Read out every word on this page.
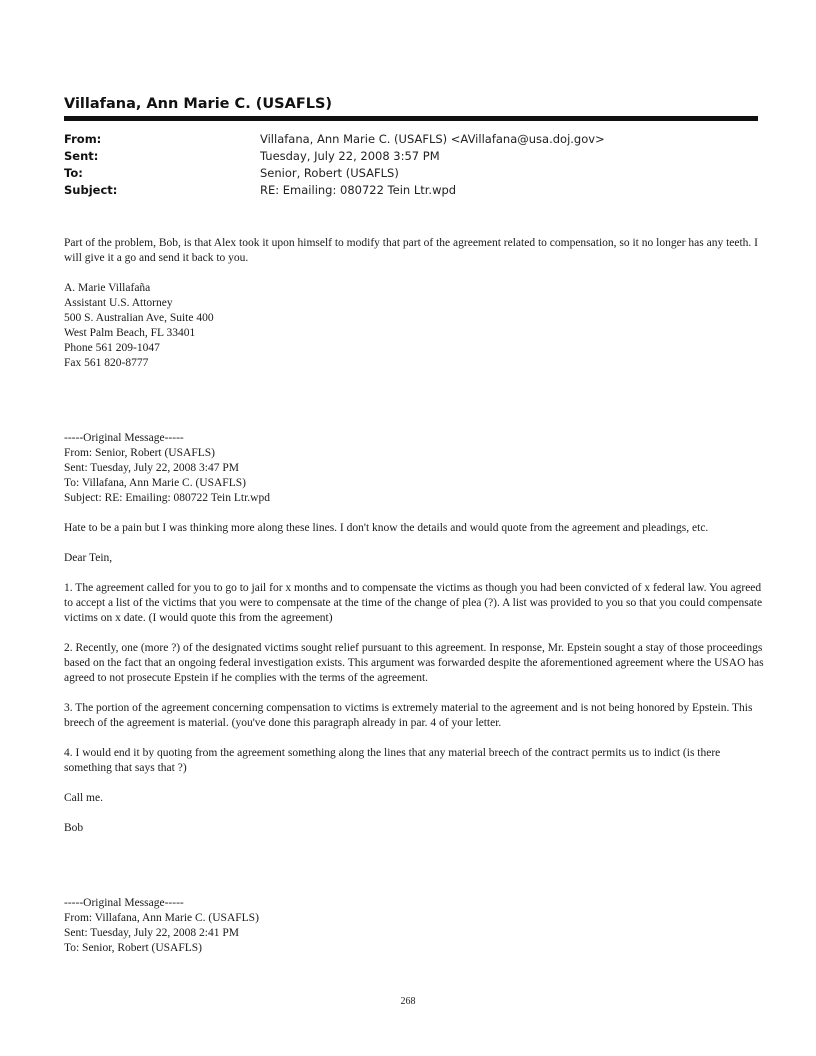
Villafana, Ann Marie C. (USAFLS)
From:	Villafana, Ann Marie C. (USAFLS) <AVillafana@usa.doj.gov>
Sent:	Tuesday, July 22, 2008 3:57 PM
To:	Senior, Robert (USAFLS)
Subject:	RE: Emailing: 080722 Tein Ltr.wpd

Part of the problem, Bob, is that Alex took it upon himself to modify that part of the agreement related to compensation, so it no longer has any teeth. I will give it a go and send it back to you.

A. Marie Villafaña
Assistant U.S. Attorney
500 S. Australian Ave, Suite 400
West Palm Beach, FL 33401
Phone 561 209-1047
Fax 561 820-8777
-----Original Message-----
From: Senior, Robert (USAFLS)
Sent: Tuesday, July 22, 2008 3:47 PM
To: Villafana, Ann Marie C. (USAFLS)
Subject: RE: Emailing: 080722 Tein Ltr.wpd

Hate to be a pain but I was thinking more along these lines. I don't know the details and would quote from the agreement and pleadings, etc.

Dear Tein,

1. The agreement called for you to go to jail for x months and to compensate the victims as though you had been convicted of x federal law. You agreed to accept a list of the victims that you were to compensate at the time of the change of plea (?). A list was provided to you so that you could compensate victims on x date. (I would quote this from the agreement)

2. Recently, one (more ?) of the designated victims sought relief pursuant to this agreement. In response, Mr. Epstein sought a stay of those proceedings based on the fact that an ongoing federal investigation exists. This argument was forwarded despite the aforementioned agreement where the USAO has agreed to not prosecute Epstein if he complies with the terms of the agreement.

3. The portion of the agreement concerning compensation to victims is extremely material to the agreement and is not being honored by Epstein. This breech of the agreement is material. (you've done this paragraph already in par. 4 of your letter.

4. I would end it by quoting from the agreement something along the lines that any material breech of the contract permits us to indict (is there something that says that ?)

Call me.

Bob

-----Original Message-----
From: Villafana, Ann Marie C. (USAFLS)
Sent: Tuesday, July 22, 2008 2:41 PM
To: Senior, Robert (USAFLS)
268
